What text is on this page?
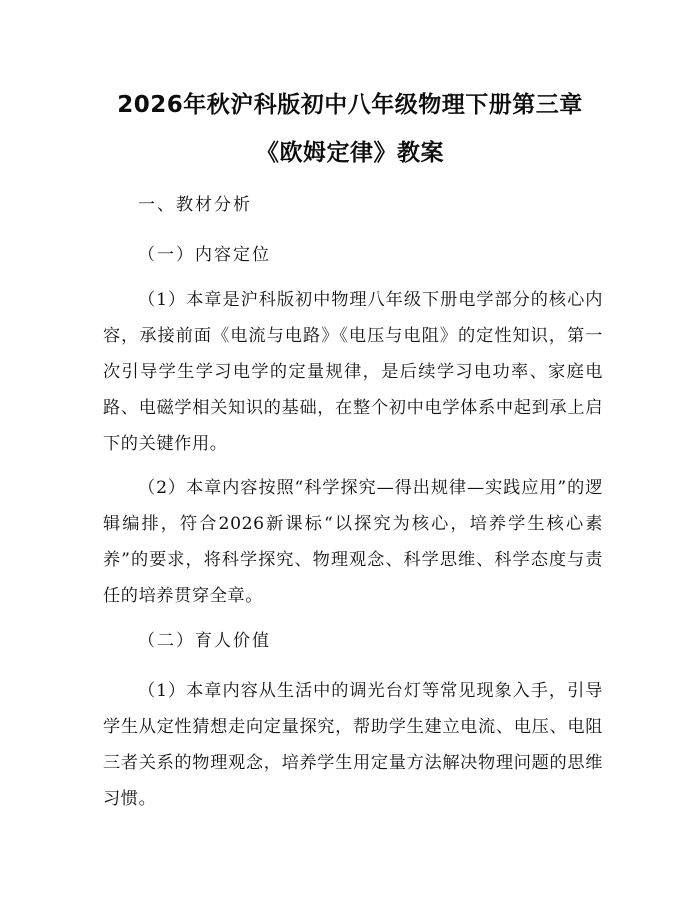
2026年秋沪科版初中八年级物理下册第三章
《欧姆定律》教案
一、教材分析
（一）内容定位
（1）本章是沪科版初中物理八年级下册电学部分的核心内容，承接前面《电流与电路》《电压与电阻》的定性知识，第一次引导学生学习电学的定量规律，是后续学习电功率、家庭电路、电磁学相关知识的基础，在整个初中电学体系中起到承上启下的关键作用。
（2）本章内容按照“科学探究—得出规律—实践应用”的逻辑编排，符合2026新课标“以探究为核心，培养学生核心素养”的要求，将科学探究、物理观念、科学思维、科学态度与责任的培养贯穿全章。
（二）育人价值
（1）本章内容从生活中的调光台灯等常见现象入手，引导学生从定性猜想走向定量探究，帮助学生建立电流、电压、电阻三者关系的物理观念，培养学生用定量方法解决物理问题的思维习惯。
